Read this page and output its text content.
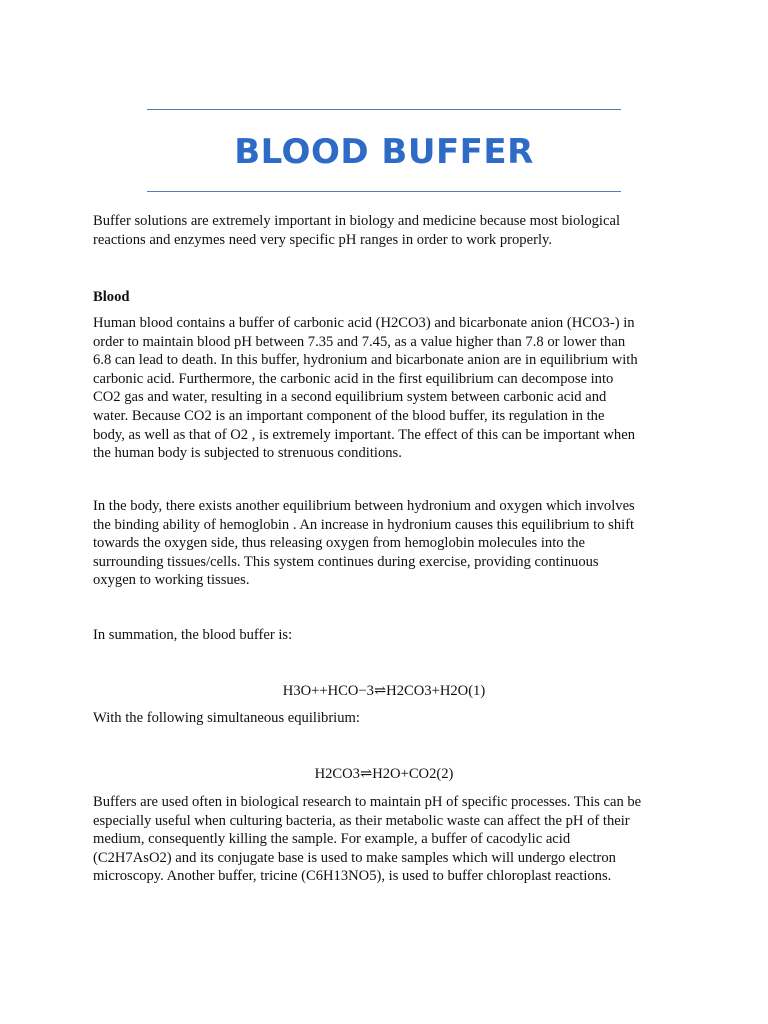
BLOOD BUFFER
Buffer solutions are extremely important in biology and medicine because most biological
reactions and enzymes need very specific pH ranges in order to work properly.
Blood
Human blood contains a buffer of carbonic acid (H2CO3) and bicarbonate anion (HCO3-) in
order to maintain blood pH between 7.35 and 7.45, as a value higher than 7.8 or lower than
6.8 can lead to death. In this buffer, hydronium and bicarbonate anion are in equilibrium with
carbonic acid. Furthermore, the carbonic acid in the first equilibrium can decompose into
CO2 gas and water, resulting in a second equilibrium system between carbonic acid and
water. Because CO2 is an important component of the blood buffer, its regulation in the
body, as well as that of O2 , is extremely important. The effect of this can be important when
the human body is subjected to strenuous conditions.
In the body, there exists another equilibrium between hydronium and oxygen which involves
the binding ability of hemoglobin . An increase in hydronium causes this equilibrium to shift
towards the oxygen side, thus releasing oxygen from hemoglobin molecules into the
surrounding tissues/cells. This system continues during exercise, providing continuous
oxygen to working tissues.
In summation, the blood buffer is:
H3O++HCO−3⇌H2CO3+H2O(1)
With the following simultaneous equilibrium:
H2CO3⇌H2O+CO2(2)
Buffers are used often in biological research to maintain pH of specific processes. This can be
especially useful when culturing bacteria, as their metabolic waste can affect the pH of their
medium, consequently killing the sample. For example, a buffer of cacodylic acid
(C2H7AsO2) and its conjugate base is used to make samples which will undergo electron
microscopy. Another buffer, tricine (C6H13NO5), is used to buffer chloroplast reactions.
